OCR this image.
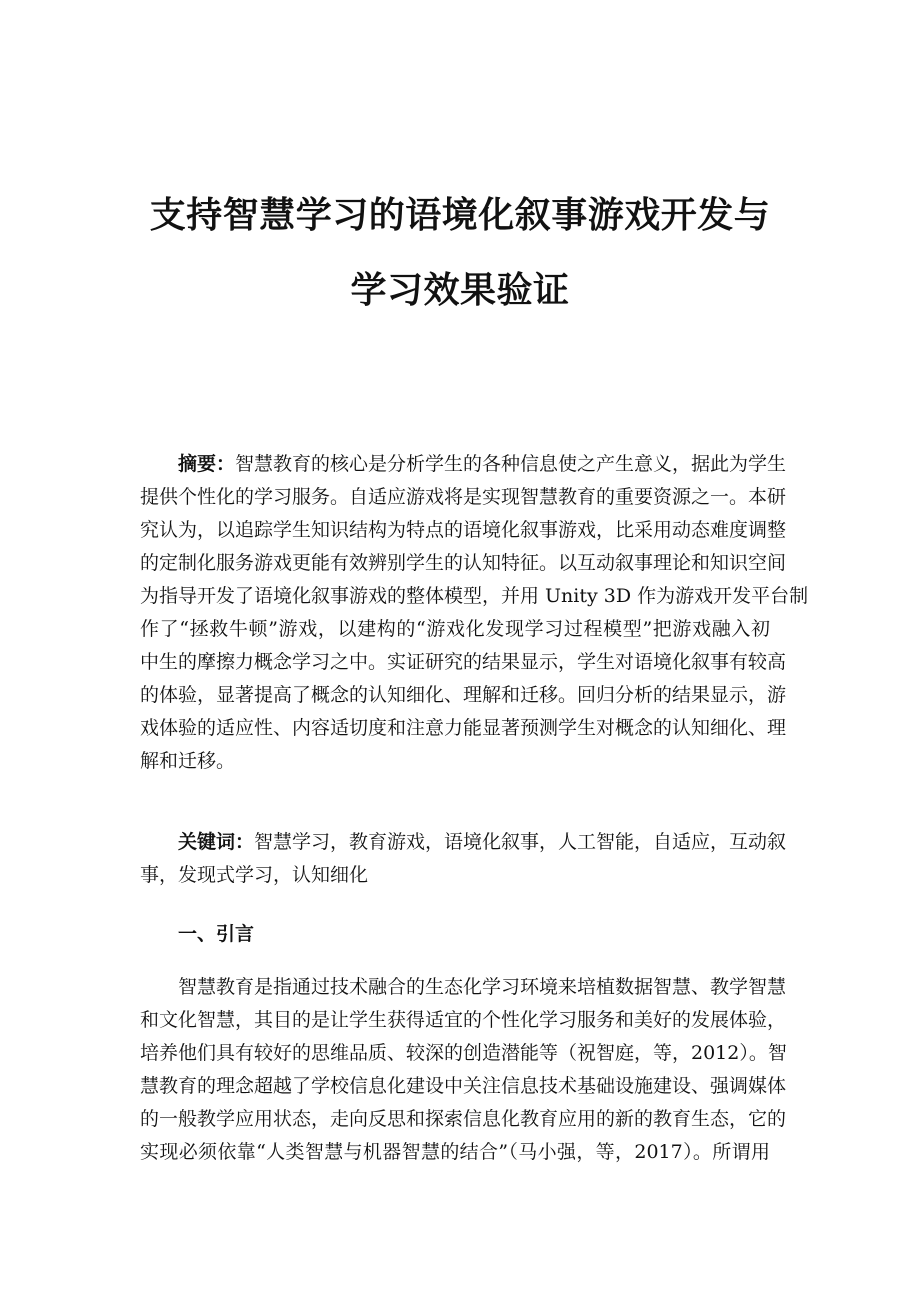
支持智慧学习的语境化叙事游戏开发与
学习效果验证
摘要：智慧教育的核心是分析学生的各种信息使之产生意义，据此为学生
提供个性化的学习服务。自适应游戏将是实现智慧教育的重要资源之一。本研
究认为，以追踪学生知识结构为特点的语境化叙事游戏，比采用动态难度调整
的定制化服务游戏更能有效辨别学生的认知特征。以互动叙事理论和知识空间
为指导开发了语境化叙事游戏的整体模型，并用 Unity 3D 作为游戏开发平台制
作了“拯救牛顿”游戏，以建构的“游戏化发现学习过程模型”把游戏融入初
中生的摩擦力概念学习之中。实证研究的结果显示，学生对语境化叙事有较高
的体验，显著提高了概念的认知细化、理解和迁移。回归分析的结果显示，游
戏体验的适应性、内容适切度和注意力能显著预测学生对概念的认知细化、理
解和迁移。
关键词：智慧学习，教育游戏，语境化叙事，人工智能，自适应，互动叙
事，发现式学习，认知细化
一、引言
智慧教育是指通过技术融合的生态化学习环境来培植数据智慧、教学智慧
和文化智慧，其目的是让学生获得适宜的个性化学习服务和美好的发展体验，
培养他们具有较好的思维品质、较深的创造潜能等（祝智庭，等，2012）。智
慧教育的理念超越了学校信息化建设中关注信息技术基础设施建设、强调媒体
的一般教学应用状态，走向反思和探索信息化教育应用的新的教育生态，它的
实现必须依靠“人类智慧与机器智慧的结合”（马小强，等，2017）。所谓用
